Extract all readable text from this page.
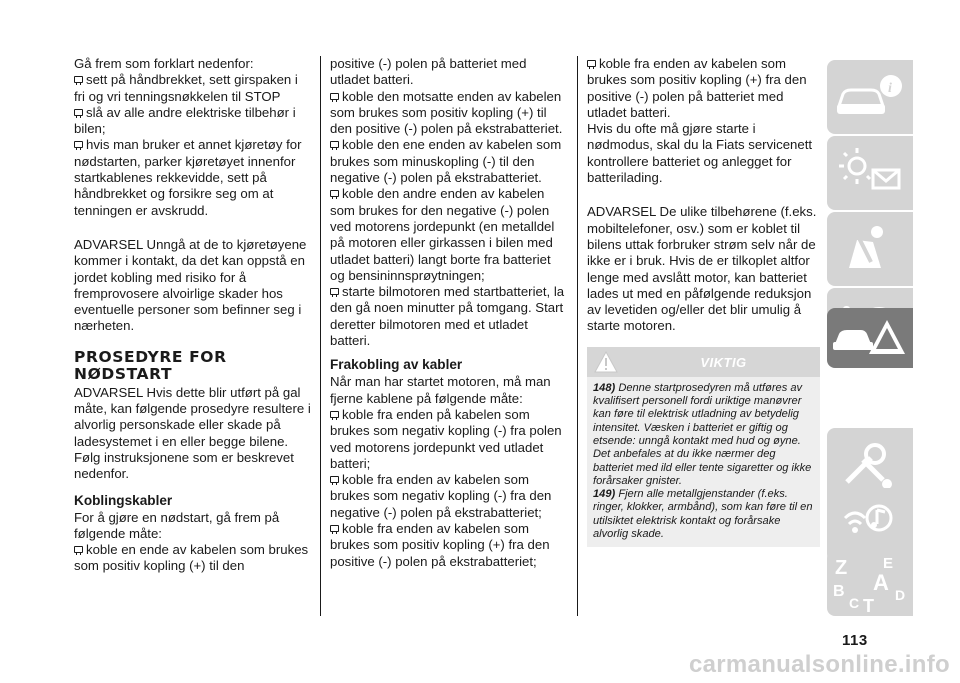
Gå frem som forklart nedenfor:

sett på håndbrekket, sett girspaken i fri og vri tenningsnøkkelen til STOP

slå av alle andre elektriske tilbehør i bilen;

hvis man bruker et annet kjøretøy for nødstarten, parker kjøretøyet innenfor startkablenes rekkevidde, sett på håndbrekket og forsikre seg om at tenningen er avskrudd.

ADVARSEL Unngå at de to kjøretøyene kommer i kontakt, da det kan oppstå en jordet kobling med risiko for å fremprovosere alvoirlige skader hos eventuelle personer som befinner seg i nærheten.

PROSEDYRE FOR
NØDSTART

ADVARSEL Hvis dette blir utført på gal måte, kan følgende prosedyre resultere i alvorlig personskade eller skade på ladesystemet i en eller begge bilene. Følg instruksjonene som er beskrevet nedenfor.

Koblingskabler

For å gjøre en nødstart, gå frem på følgende måte:

koble en ende av kabelen som brukes som positiv kopling (+) til den

positive (-) polen på batteriet med utladet batteri.

koble den motsatte enden av kabelen som brukes som positiv kopling (+) til den positive (-) polen på ekstrabatteriet.

koble den ene enden av kabelen som brukes som minuskopling (-) til den negative (-) polen på ekstrabatteriet.

koble den andre enden av kabelen som brukes for den negative (-) polen ved motorens jordepunkt (en metalldel på motoren eller girkassen i bilen med utladet batteri) langt borte fra batteriet og bensininnsprøytningen;

starte bilmotoren med startbatteriet, la den gå noen minutter på tomgang. Start deretter bilmotoren med et utladet batteri.

Frakobling av kabler

Når man har startet motoren, må man fjerne kablene på følgende måte:

koble fra enden på kabelen som brukes som negativ kopling (-) fra polen ved motorens jordepunkt ved utladet batteri;

koble fra enden av kabelen som brukes som negativ kopling (-) fra den negative (-) polen på ekstrabatteriet;

koble fra enden av kabelen som brukes som positiv kopling (+) fra den positive (-) polen på ekstrabatteriet;

koble fra enden av kabelen som brukes som positiv kopling (+) fra den positive (-) polen på batteriet med utladet batteri.

Hvis du ofte må gjøre starte i nødmodus, skal du la Fiats servicenett kontrollere batteriet og anlegget for batterilading.

ADVARSEL De ulike tilbehørene (f.eks. mobiltelefoner, osv.) som er koblet til bilens uttak forbruker strøm selv når de ikke er i bruk. Hvis de er tilkoplet altfor lenge med avslått motor, kan batteriet lades ut med en påfølgende reduksjon av levetiden og/eller det blir umulig å starte motoren.

VIKTIG

148) Denne startprosedyren må utføres av kvalifisert personell fordi uriktige manøvrer kan føre til elektrisk utladning av betydelig intensitet. Væsken i batteriet er giftig og etsende: unngå kontakt med hud og øyne. Det anbefales at du ikke nærmer deg batteriet med ild eller tente sigaretter og ikke forårsaker gnister.

149) Fjern alle metallgjenstander (f.eks. ringer, klokker, armbånd), som kan føre til en utilsiktet elektrisk kontakt og forårsake alvorlig skade.

i
Z E
B A
C T
D
113
carmanualsonline.info
